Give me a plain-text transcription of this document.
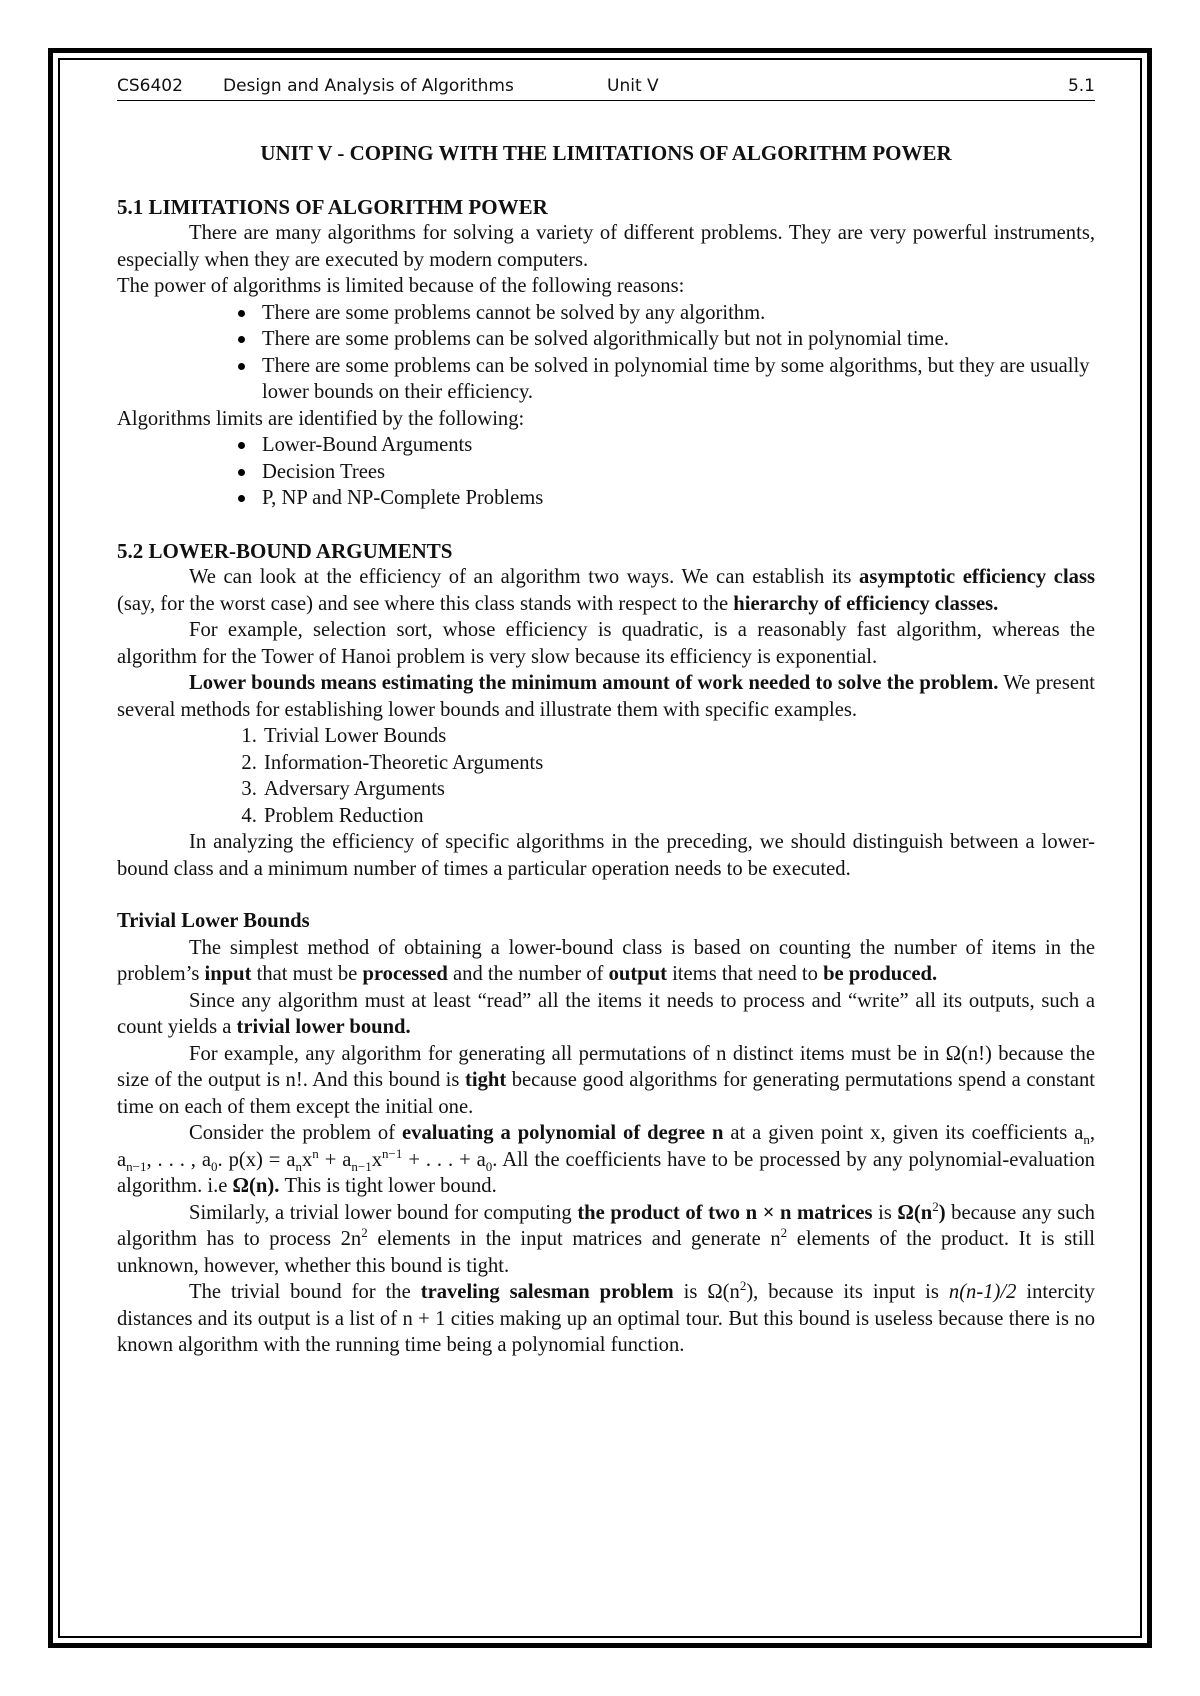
CS6402 Design and Analysis of Algorithms	Unit V	5.1

UNIT V - COPING WITH THE LIMITATIONS OF ALGORITHM POWER

5.1 LIMITATIONS OF ALGORITHM POWER

There are many algorithms for solving a variety of different problems. They are very powerful instruments, especially when they are executed by modern computers.

The power of algorithms is limited because of the following reasons:

There are some problems cannot be solved by any algorithm.
There are some problems can be solved algorithmically but not in polynomial time.
There are some problems can be solved in polynomial time by some algorithms, but they are usually lower bounds on their efficiency.

Algorithms limits are identified by the following:

Lower-Bound Arguments
Decision Trees
P, NP and NP-Complete Problems

5.2 LOWER-BOUND ARGUMENTS

We can look at the efficiency of an algorithm two ways. We can establish its asymptotic efficiency class (say, for the worst case) and see where this class stands with respect to the hierarchy of efficiency classes.

For example, selection sort, whose efficiency is quadratic, is a reasonably fast algorithm, whereas the algorithm for the Tower of Hanoi problem is very slow because its efficiency is exponential.

Lower bounds means estimating the minimum amount of work needed to solve the problem. We present several methods for establishing lower bounds and illustrate them with specific examples.

1. Trivial Lower Bounds
2. Information-Theoretic Arguments
3. Adversary Arguments
4. Problem Reduction

In analyzing the efficiency of specific algorithms in the preceding, we should distinguish between a lower-bound class and a minimum number of times a particular operation needs to be executed.

Trivial Lower Bounds

The simplest method of obtaining a lower-bound class is based on counting the number of items in the problem’s input that must be processed and the number of output items that need to be produced.

Since any algorithm must at least “read” all the items it needs to process and “write” all its outputs, such a count yields a trivial lower bound.

For example, any algorithm for generating all permutations of n distinct items must be in Ω(n!) because the size of the output is n!. And this bound is tight because good algorithms for generating permutations spend a constant time on each of them except the initial one.

Consider the problem of evaluating a polynomial of degree n at a given point x, given its coefficients $a_n$, $a_{n-1}$, . . . , $a_0$. $p(x) = a_nx^n + a_{n-1}x^{n-1}$ + . . . + $a_0$. All the coefficients have to be processed by any polynomial-evaluation algorithm. i.e Ω(n). This is tight lower bound.

Similarly, a trivial lower bound for computing the product of two n × n matrices is $\Omega(n^2)$ because any such algorithm has to process $2n^2$ elements in the input matrices and generate $n^2$ elements of the product. It is still unknown, however, whether this bound is tight.

The trivial bound for the traveling salesman problem is $\Omega(n^2)$, because its input is n(n-1)/2 intercity distances and its output is a list of n + 1 cities making up an optimal tour. But this bound is useless because there is no known algorithm with the running time being a polynomial function.
